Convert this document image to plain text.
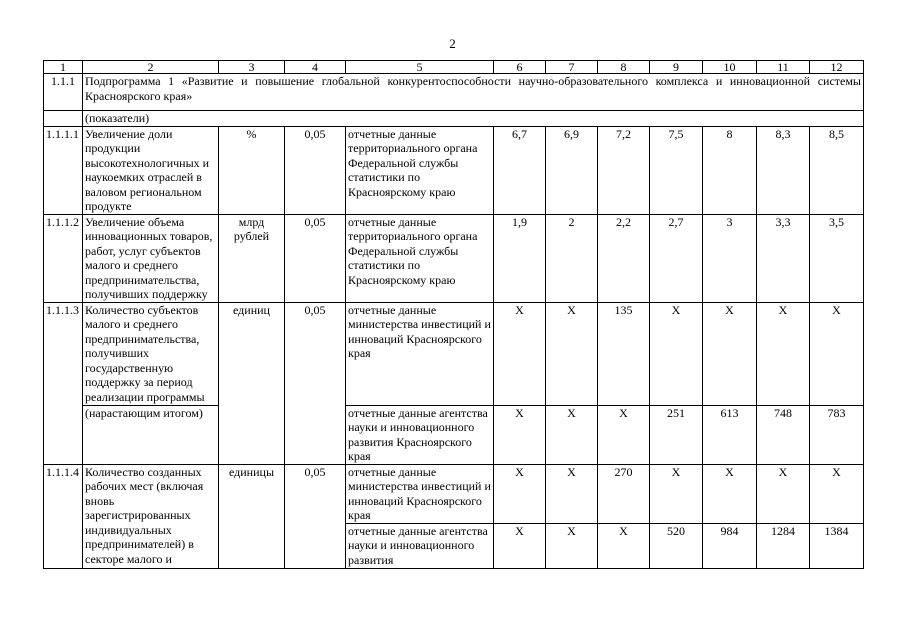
2
1	2	3	4	5	6	7	8	9	10	11	12
1.1.1	Подпрограмма 1 «Развитие и повышение глобальной конкурентоспособности научно-образовательного комплекса и инновационной системы Красноярского края»										
	(показатели)										
1.1.1.1	Увеличение доли продукции высокотехнологичных и наукоемких отраслей в валовом региональном продукте	%	0,05	отчетные данные территориального органа Федеральной службы статистики по Красноярскому краю	6,7	6,9	7,2	7,5	8	8,3	8,5
1.1.1.2	Увеличение объема инновационных товаров, работ, услуг субъектов малого и среднего предпринимательства, получивших поддержку	млрд рублей	0,05	отчетные данные территориального органа Федеральной службы статистики по Красноярскому краю	1,9	2	2,2	2,7	3	3,3	3,5
1.1.1.3	Количество субъектов малого и среднего предпринимательства, получивших государственную поддержку за период реализации программы	единиц	0,05	отчетные данные министерства инвестиций и инноваций Красноярского края	Х	Х	135	Х	Х	Х	Х
	(нарастающим итогом)			отчетные данные агентства науки и инновационного развития Красноярского края	Х	Х	Х	251	613	748	783
1.1.1.4	Количество созданных рабочих мест (включая вновь зарегистрированных индивидуальных предпринимателей) в секторе малого и	единицы	0,05	отчетные данные министерства инвестиций и инноваций Красноярского края	Х	Х	270	Х	Х	Х	Х
				отчетные данные агентства науки и инновационного развития	Х	Х	Х	520	984	1284	1384
